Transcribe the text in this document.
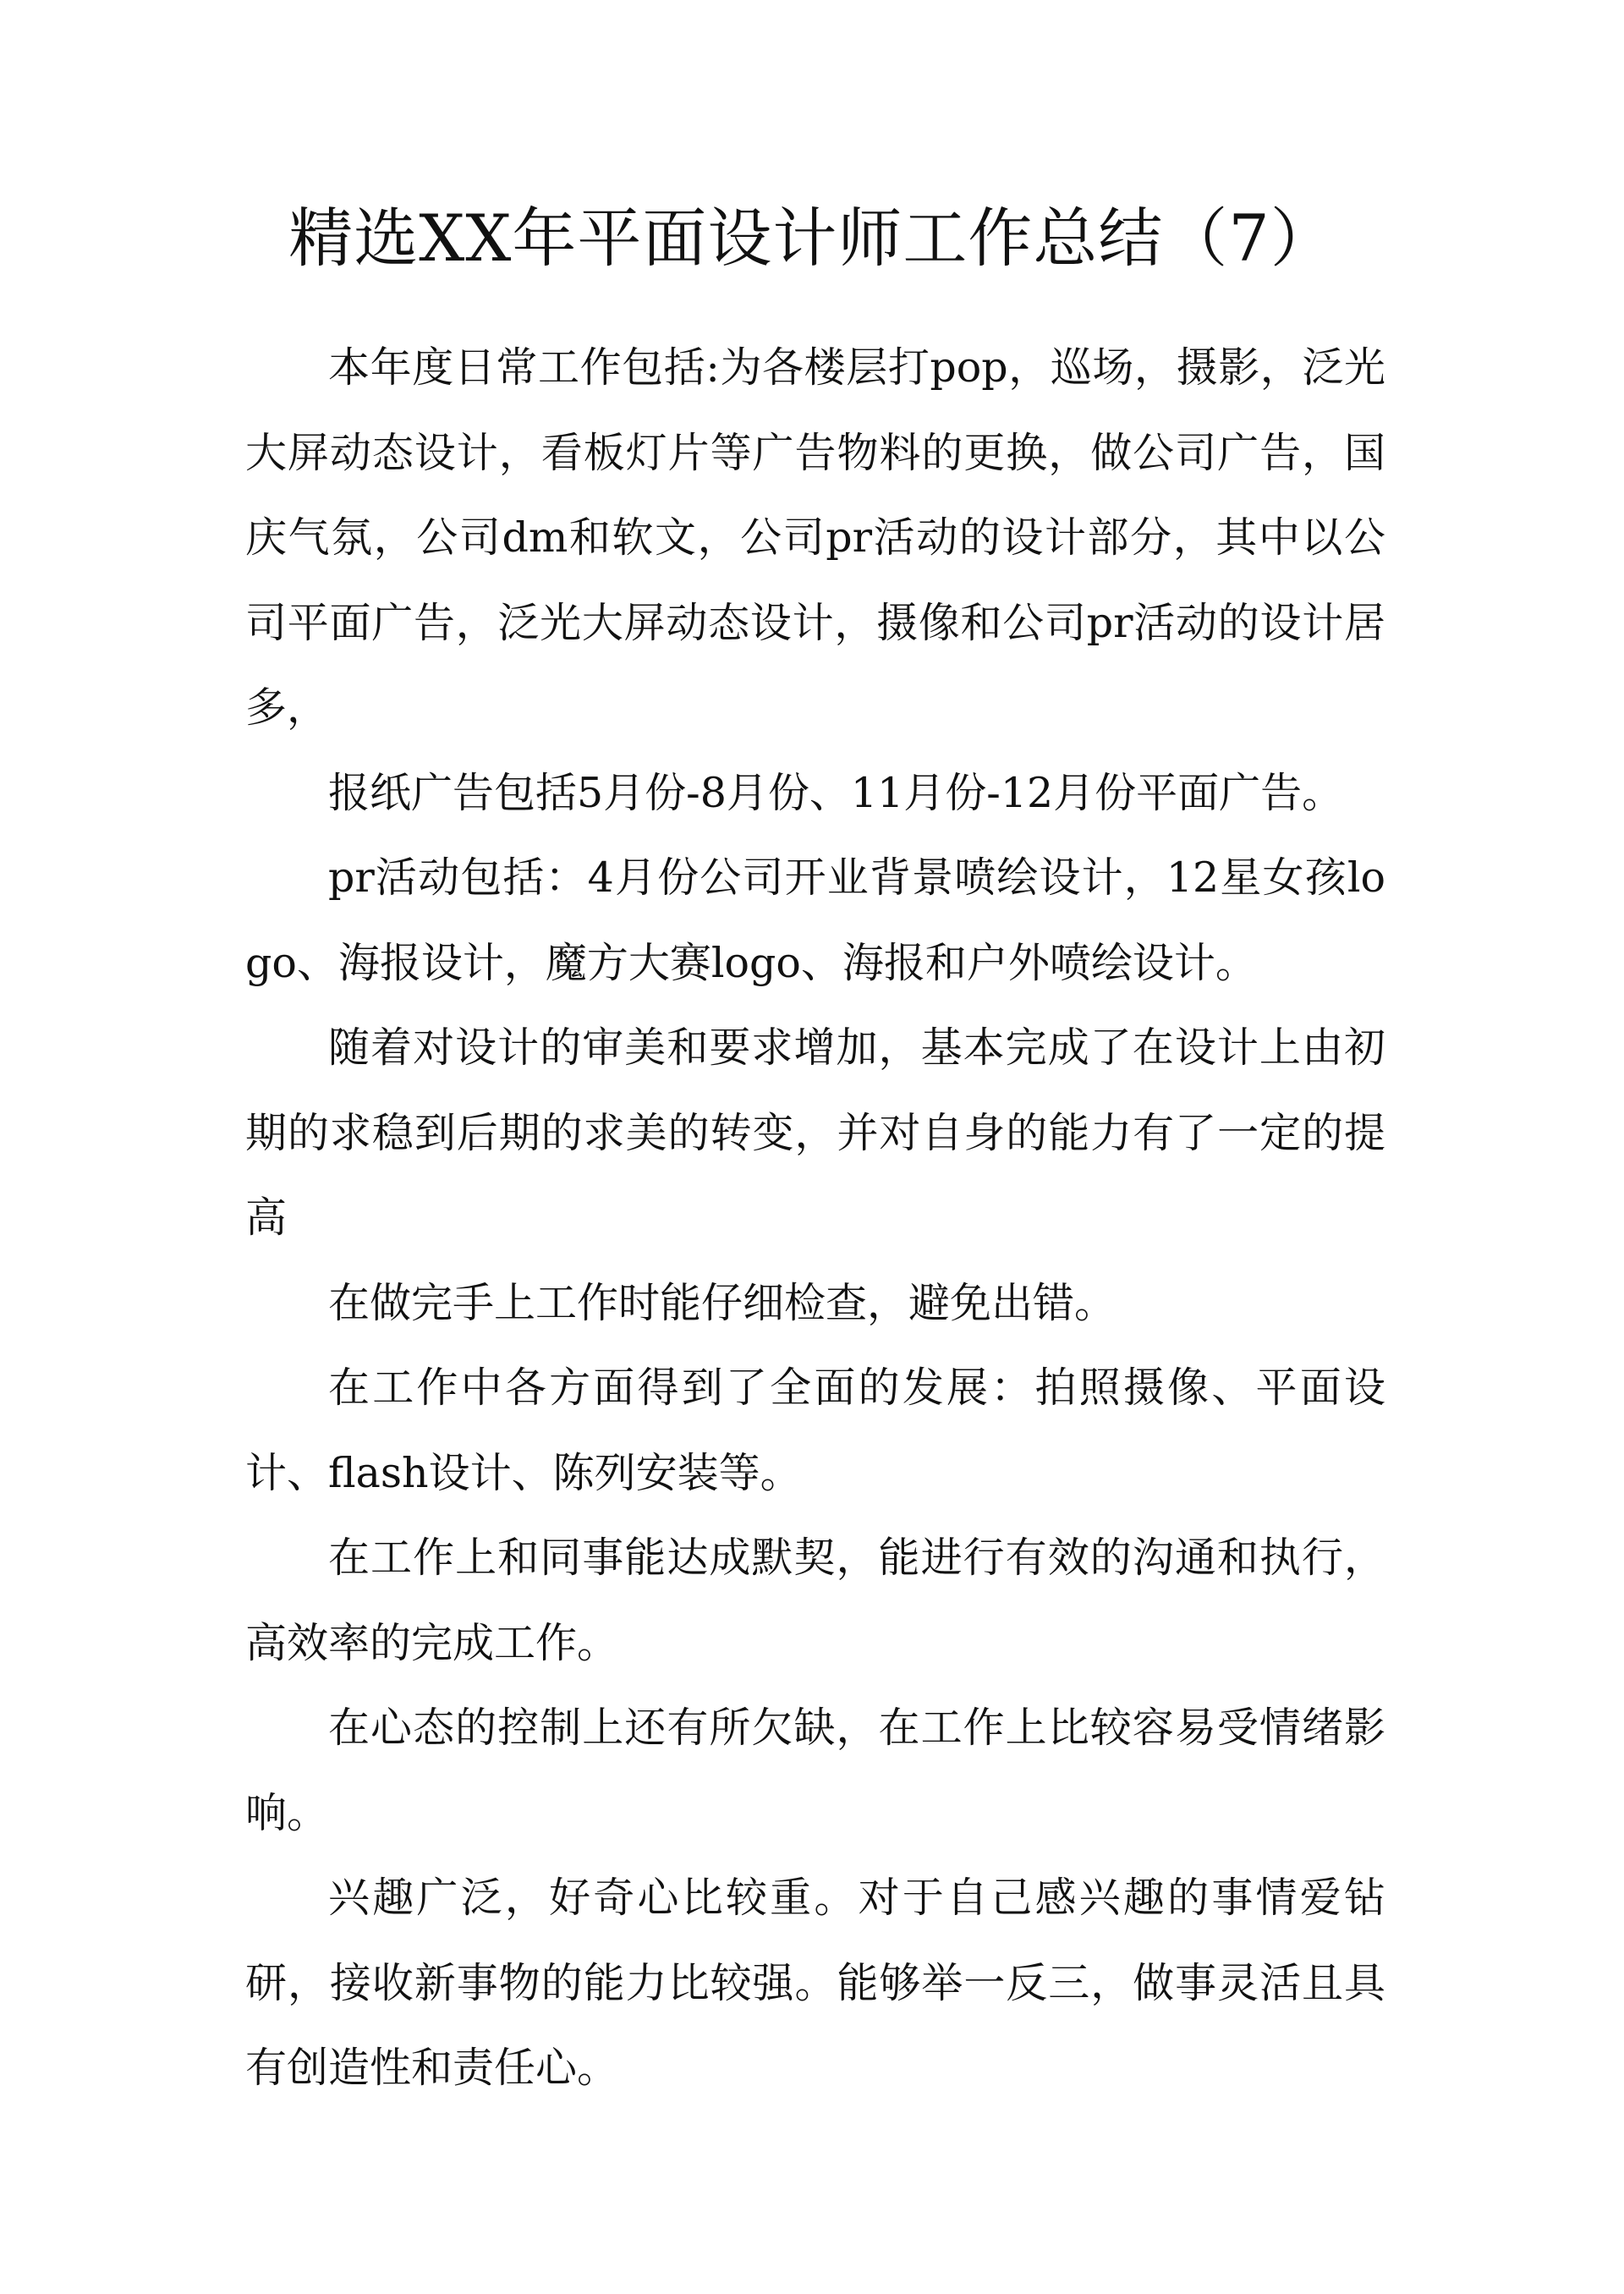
精选XX年平面设计师工作总结（7）

本年度日常工作包括:为各楼层打pop，巡场，摄影，泛光大屏动态设计，看板灯片等广告物料的更换，做公司广告，国庆气氛，公司dm和软文，公司pr活动的设计部分，其中以公司平面广告，泛光大屏动态设计，摄像和公司pr活动的设计居多，

报纸广告包括5月份-8月份、11月份-12月份平面广告。

pr活动包括：4月份公司开业背景喷绘设计，12星女孩logo、海报设计，魔方大赛logo、海报和户外喷绘设计。

随着对设计的审美和要求增加，基本完成了在设计上由初期的求稳到后期的求美的转变，并对自身的能力有了一定的提高

在做完手上工作时能仔细检查，避免出错。

在工作中各方面得到了全面的发展：拍照摄像、平面设计、flash设计、陈列安装等。

在工作上和同事能达成默契，能进行有效的沟通和执行，高效率的完成工作。

在心态的控制上还有所欠缺，在工作上比较容易受情绪影响。

兴趣广泛，好奇心比较重。对于自己感兴趣的事情爱钻研，接收新事物的能力比较强。能够举一反三，做事灵活且具有创造性和责任心。
